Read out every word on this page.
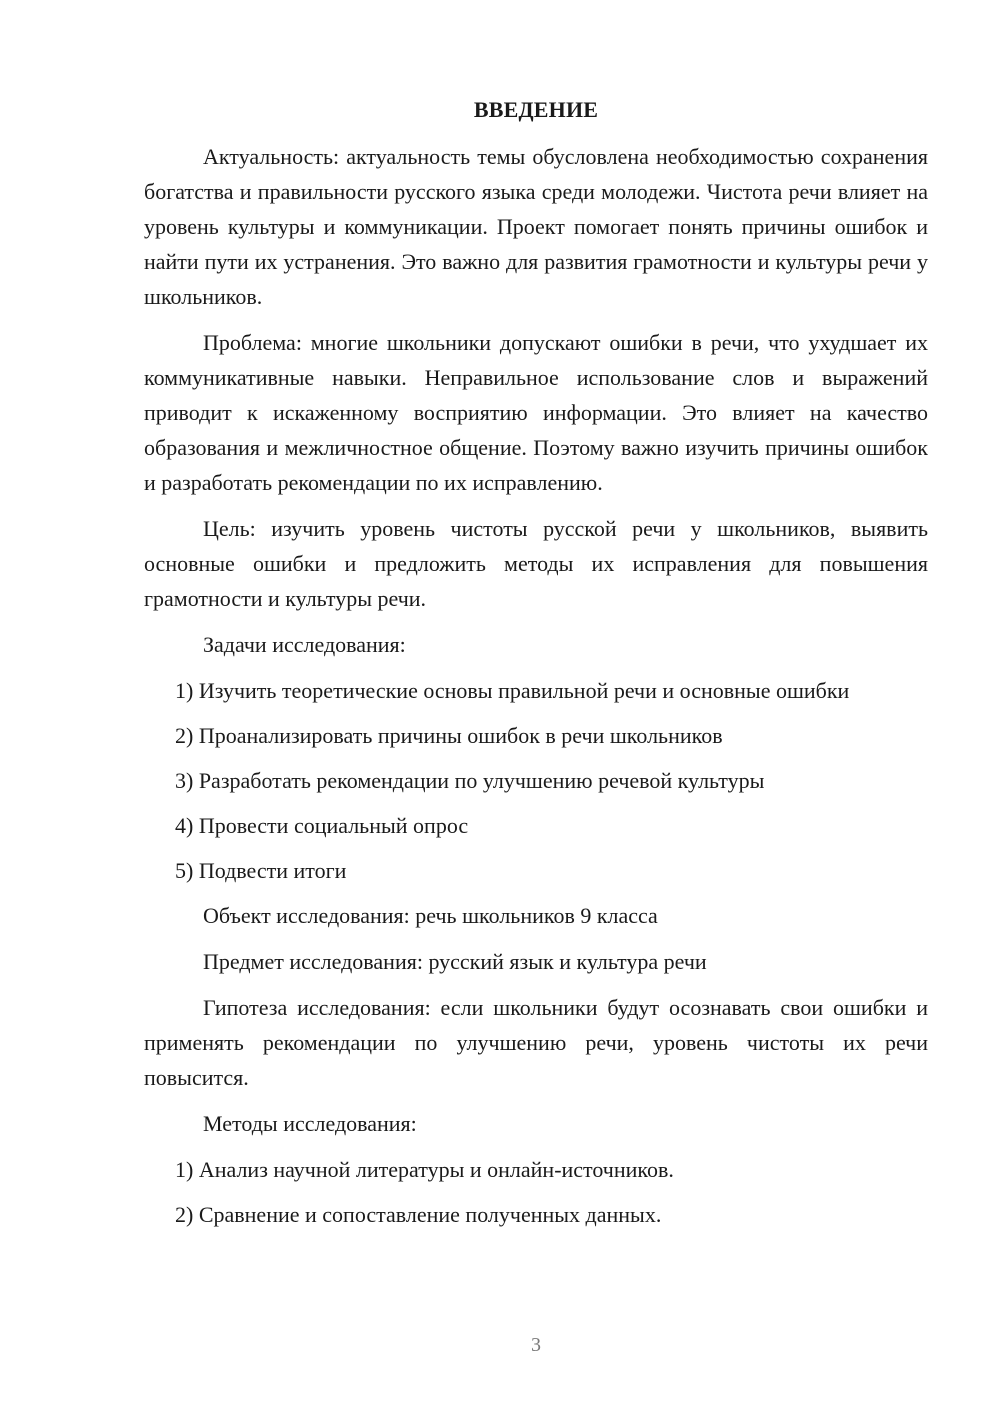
ВВЕДЕНИЕ
Актуальность: актуальность темы обусловлена необходимостью сохранения богатства и правильности русского языка среди молодежи. Чистота речи влияет на уровень культуры и коммуникации. Проект помогает понять причины ошибок и найти пути их устранения. Это важно для развития грамотности и культуры речи у школьников.
Проблема: многие школьники допускают ошибки в речи, что ухудшает их коммуникативные навыки. Неправильное использование слов и выражений приводит к искаженному восприятию информации. Это влияет на качество образования и межличностное общение. Поэтому важно изучить причины ошибок и разработать рекомендации по их исправлению.
Цель: изучить уровень чистоты русской речи у школьников, выявить основные ошибки и предложить методы их исправления для повышения грамотности и культуры речи.
Задачи исследования:
1) Изучить теоретические основы правильной речи и основные ошибки
2) Проанализировать причины ошибок в речи школьников
3) Разработать рекомендации по улучшению речевой культуры
4) Провести социальный опрос
5) Подвести итоги
Объект исследования: речь школьников 9 класса
Предмет исследования: русский язык и культура речи
Гипотеза исследования: если школьники будут осознавать свои ошибки и применять рекомендации по улучшению речи, уровень чистоты их речи повысится.
Методы исследования:
1) Анализ научной литературы и онлайн-источников.
2) Сравнение и сопоставление полученных данных.
3
